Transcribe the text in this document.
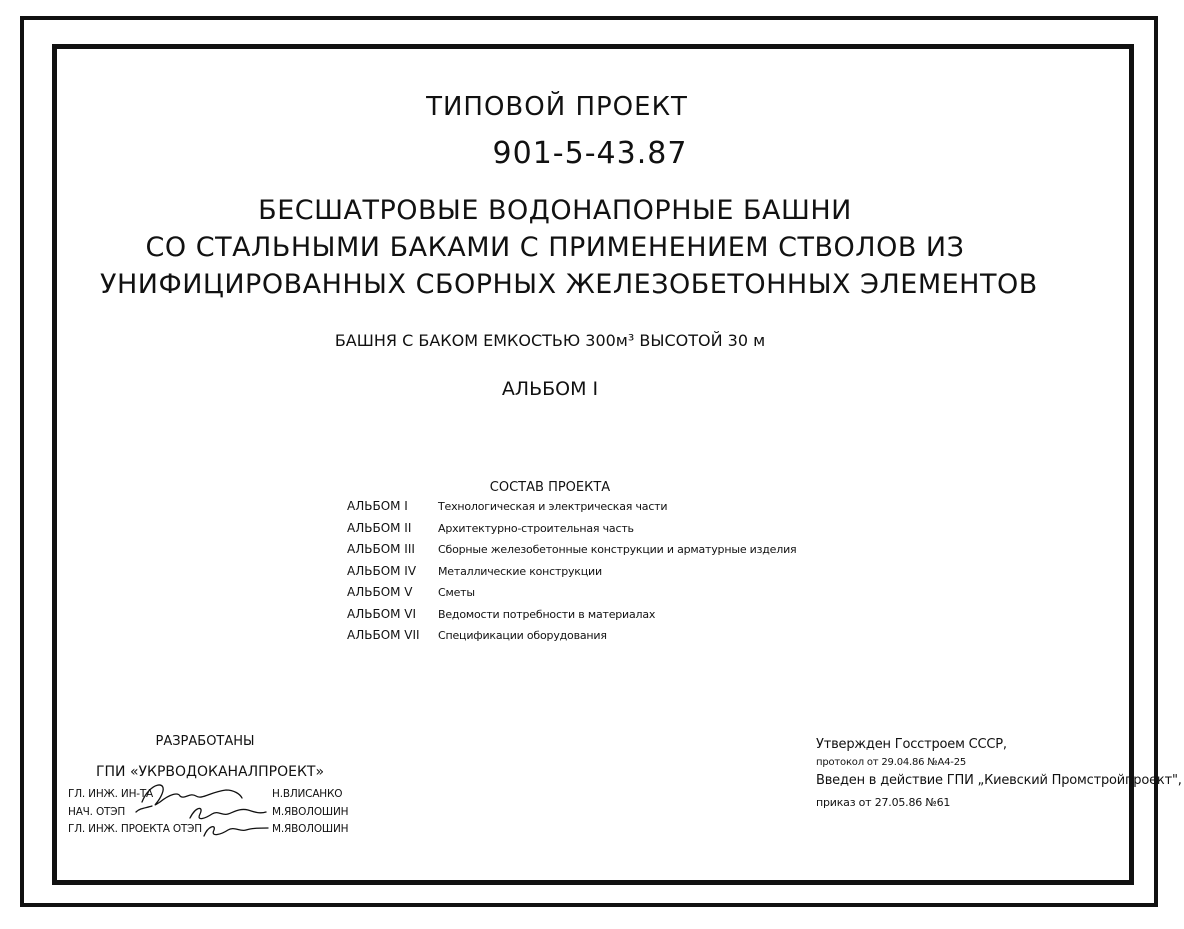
ТИПОВОЙ ПРОЕКТ
901-5-43.87
БЕСШАТРОВЫЕ ВОДОНАПОРНЫЕ БАШНИ
СО СТАЛЬНЫМИ БАКАМИ С ПРИМЕНЕНИЕМ СТВОЛОВ ИЗ
УНИФИЦИРОВАННЫХ СБОРНЫХ ЖЕЛЕЗОБЕТОННЫХ ЭЛЕМЕНТОВ
БАШНЯ С БАКОМ ЕМКОСТЬЮ 300м³ ВЫСОТОЙ 30 м
АЛЬБОМ I
СОСТАВ ПРОЕКТА
АЛЬБОМ I	Технологическая и электрическая части
АЛЬБОМ II	Архитектурно-строительная часть
АЛЬБОМ III	Сборные железобетонные конструкции и арматурные изделия
АЛЬБОМ IV	Металлические конструкции
АЛЬБОМ V	Сметы
АЛЬБОМ VI	Ведомости потребности в материалах
АЛЬБОМ VII	Спецификации оборудования
РАЗРАБОТАНЫ
ГПИ «УКРВОДОКАНАЛПРОЕКТ»
ГЛ. ИНЖ. ИН-ТА	Н.ВЛИСАНКО
НАЧ. ОТЭП	М.ЯВОЛОШИН
ГЛ. ИНЖ. ПРОЕКТА ОТЭП	М.ЯВОЛОШИН
Утвержден Госстроем СССР,
протокол от 29.04.86 №А4-25
Введен в действие ГПИ „Киевский Промстройпроект",
приказ от 27.05.86 №61
